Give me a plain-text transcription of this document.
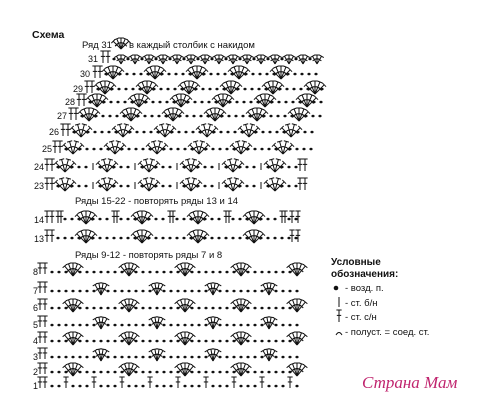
Схема
Ряд 31 - в каждый столбик с накидом
Ряды 15-22 - повторять ряды 13 и 14
Ряды 9-12 - повторять ряды 7 и 8
31
30
29
28
27
26
25
24
23
14
13
8
7
6
5
4
3
2
1
Условные
обозначения:
- возд. п.
- ст. б/н
- ст. с/н
- полуст. = соед. ст.
Страна Мам
